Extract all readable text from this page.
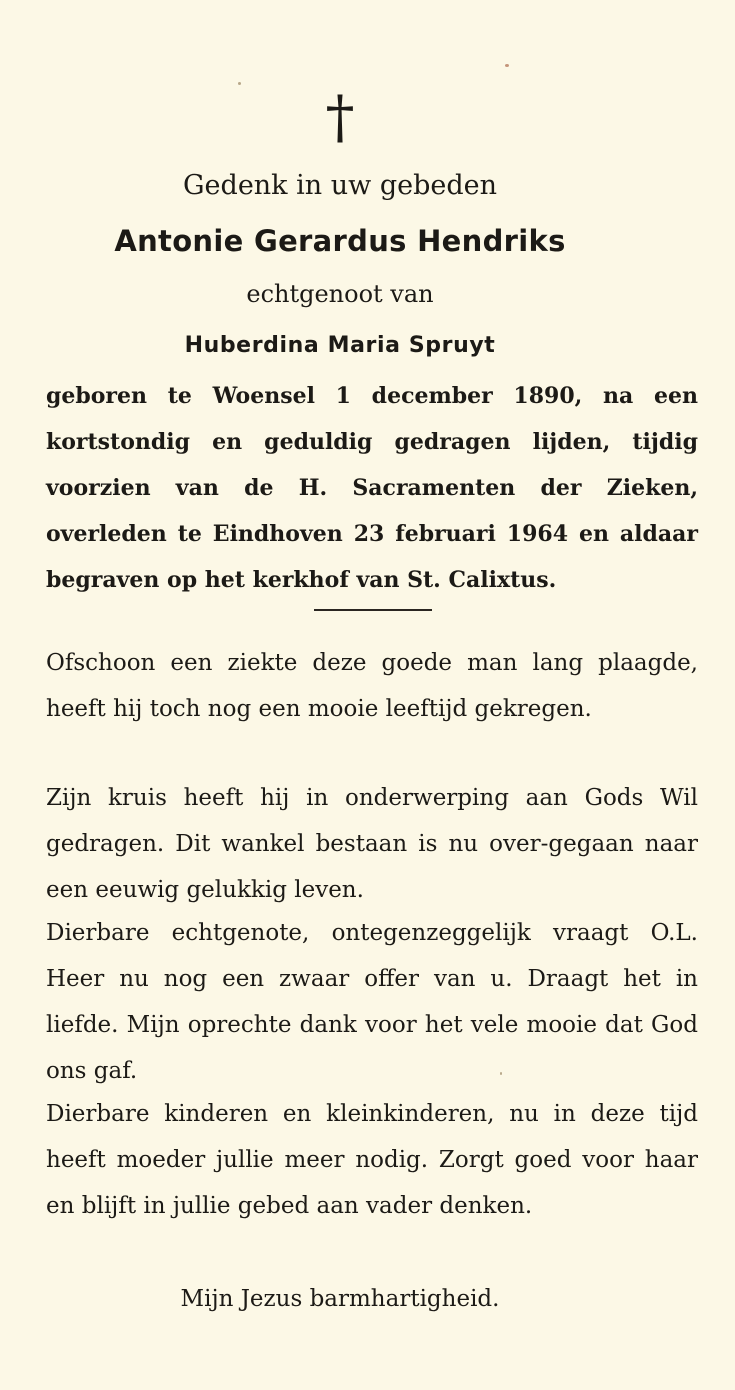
†
Gedenk in uw gebeden
Antonie Gerardus Hendriks
echtgenoot van
Huberdina Maria Spruyt

geboren te Woensel 1 december 1890, na een kortstondig en geduldig gedragen lijden, tijdig voorzien van de H. Sacramenten der Zieken, overleden te Eindhoven 23 februari 1964 en aldaar begraven op het kerkhof van St. Calixtus.

Ofschoon een ziekte deze goede man lang plaagde, heeft hij toch nog een mooie leeftijd gekregen.

Zijn kruis heeft hij in onderwerping aan Gods Wil gedragen. Dit wankel bestaan is nu over-gegaan naar een eeuwig gelukkig leven.

Dierbare echtgenote, ontegenzeggelijk vraagt O.L. Heer nu nog een zwaar offer van u. Draagt het in liefde. Mijn oprechte dank voor het vele mooie dat God ons gaf.

Dierbare kinderen en kleinkinderen, nu in deze tijd heeft moeder jullie meer nodig. Zorgt goed voor haar en blijft in jullie gebed aan vader denken.

Mijn Jezus barmhartigheid.
